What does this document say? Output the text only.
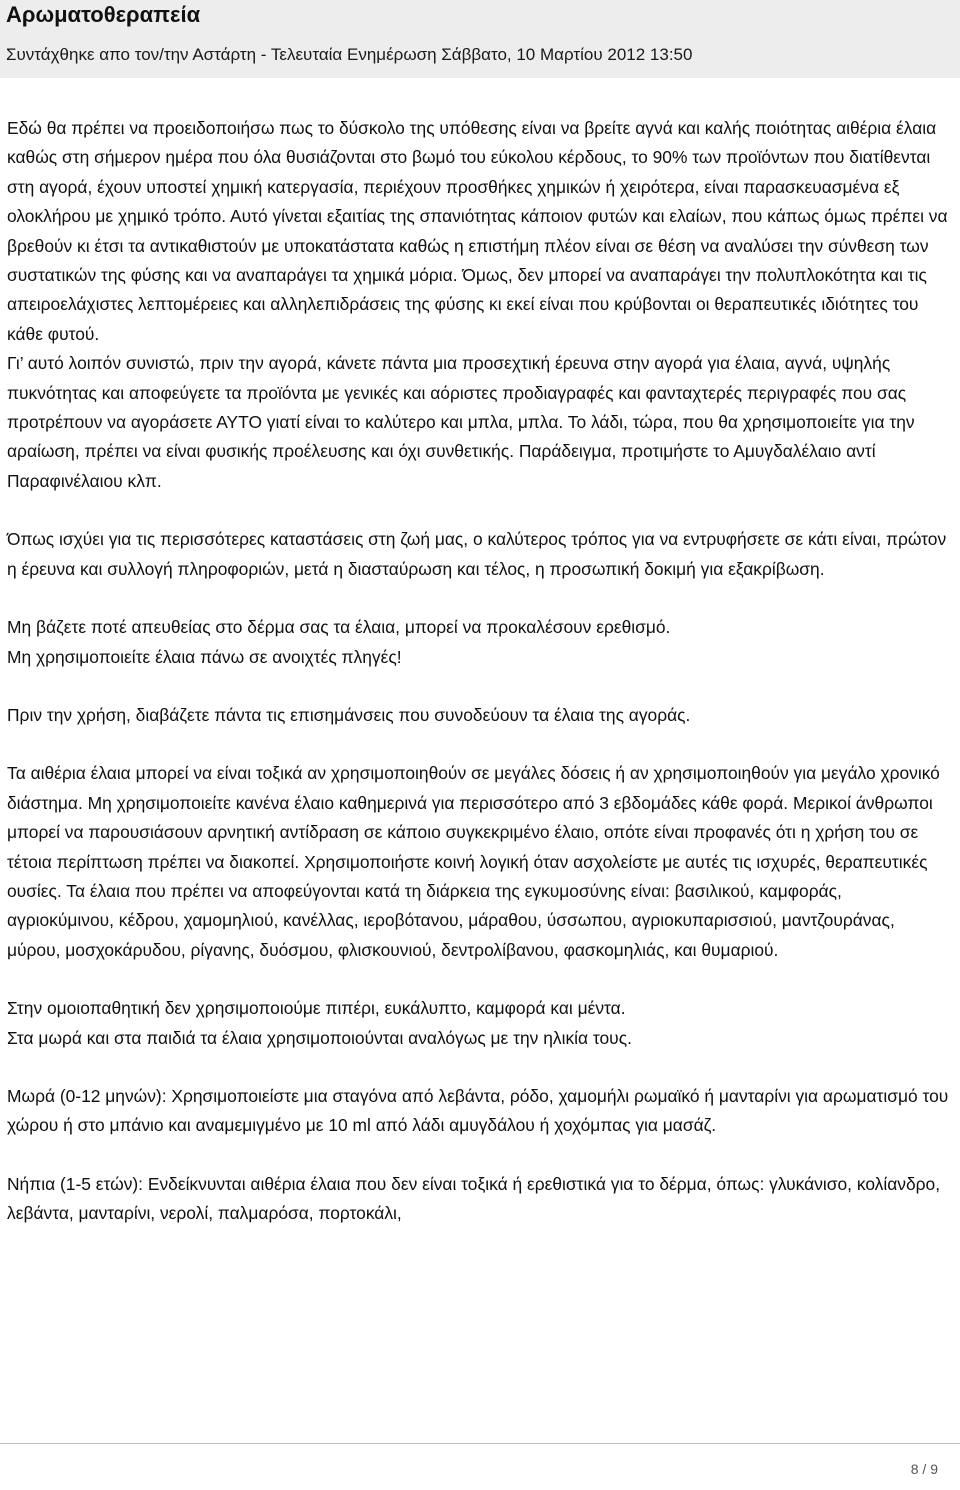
Αρωματοθεραπεία
Συντάχθηκε απο τον/την Αστάρτη - Τελευταία Ενημέρωση Σάββατο, 10 Μαρτίου 2012 13:50

Εδώ θα πρέπει να προειδοποιήσω πως το δύσκολο της υπόθεσης είναι να βρείτε αγνά και καλής ποιότητας αιθέρια έλαια καθώς στη σήμερον ημέρα που όλα θυσιάζονται στο βωμό του εύκολου κέρδους, το 90% των προϊόντων που διατίθενται στη αγορά, έχουν υποστεί χημική κατεργασία, περιέχουν προσθήκες χημικών ή χειρότερα, είναι παρασκευασμένα εξ ολοκλήρου με χημικό τρόπο. Αυτό γίνεται εξαιτίας της σπανιότητας κάποιον φυτών και ελαίων, που κάπως όμως πρέπει να βρεθούν κι έτσι τα αντικαθιστούν με υποκατάστατα καθώς η επιστήμη πλέον είναι σε θέση να αναλύσει την σύνθεση των συστατικών της φύσης και να αναπαράγει τα χημικά μόρια. Όμως, δεν μπορεί να αναπαράγει την πολυπλοκότητα και τις απειροελάχιστες λεπτομέρειες και αλληλεπιδράσεις της φύσης κι εκεί είναι που κρύβονται οι θεραπευτικές ιδιότητες του κάθε φυτού.
Γι’ αυτό λοιπόν συνιστώ, πριν την αγορά, κάνετε πάντα μια προσεχτική έρευνα στην αγορά για έλαια, αγνά, υψηλής πυκνότητας και αποφεύγετε τα προϊόντα με γενικές και αόριστες προδιαγραφές και φανταχτερές περιγραφές που σας προτρέπουν να αγοράσετε ΑΥΤΟ γιατί είναι το καλύτερο και μπλα, μπλα. Το λάδι, τώρα, που θα χρησιμοποιείτε για την αραίωση, πρέπει να είναι φυσικής προέλευσης και όχι συνθετικής. Παράδειγμα, προτιμήστε το Αμυγδαλέλαιο αντί Παραφινέλαιου κλπ.

Όπως ισχύει για τις περισσότερες καταστάσεις στη ζωή μας, ο καλύτερος τρόπος για να εντρυφήσετε σε κάτι είναι, πρώτον η έρευνα και συλλογή πληροφοριών, μετά η διασταύρωση και τέλος, η προσωπική δοκιμή για εξακρίβωση.

Μη βάζετε ποτέ απευθείας στο δέρμα σας τα έλαια, μπορεί να προκαλέσουν ερεθισμό.
Μη χρησιμοποιείτε έλαια πάνω σε ανοιχτές πληγές!

Πριν την χρήση, διαβάζετε πάντα τις επισημάνσεις που συνοδεύουν τα έλαια της αγοράς.

Τα αιθέρια έλαια μπορεί να είναι τοξικά αν χρησιμοποιηθούν σε μεγάλες δόσεις ή αν χρησιμοποιηθούν για μεγάλο χρονικό διάστημα. Μη χρησιμοποιείτε κανένα έλαιο καθημερινά για περισσότερο από 3 εβδομάδες κάθε φορά. Μερικοί άνθρωποι μπορεί να παρουσιάσουν αρνητική αντίδραση σε κάποιο συγκεκριμένο έλαιο, οπότε είναι προφανές ότι η χρήση του σε τέτοια περίπτωση πρέπει να διακοπεί. Χρησιμοποιήστε κοινή λογική όταν ασχολείστε με αυτές τις ισχυρές, θεραπευτικές ουσίες. Τα έλαια που πρέπει να αποφεύγονται κατά τη διάρκεια της εγκυμοσύνης είναι: βασιλικού, καμφοράς, αγριοκύμινου, κέδρου, χαμομηλιού, κανέλλας, ιεροβότανου, μάραθου, ύσσωπου, αγριοκυπαρισσιού, μαντζουράνας, μύρου, μοσχοκάρυδου, ρίγανης, δυόσμου, φλισκουνιού, δεντρολίβανου, φασκομηλιάς, και θυμαριού.

Στην ομοιοπαθητική δεν χρησιμοποιούμε πιπέρι, ευκάλυπτο, καμφορά και μέντα.
Στα μωρά και στα παιδιά τα έλαια χρησιμοποιούνται αναλόγως με την ηλικία τους.

Μωρά (0-12 μηνών): Χρησιμοποιείστε μια σταγόνα από λεβάντα, ρόδο, χαμομήλι ρωμαϊκό ή μανταρίνι για αρωματισμό του χώρου ή στο μπάνιο και αναμεμιγμένο με 10 ml από λάδι αμυγδάλου ή χοχόμπας για μασάζ.

Νήπια (1-5 ετών): Ενδείκνυνται αιθέρια έλαια που δεν είναι τοξικά ή ερεθιστικά για το δέρμα, όπως: γλυκάνισο, κολίανδρο, λεβάντα, μανταρίνι, νερολί, παλμαρόσα, πορτοκάλι,

8 / 9
